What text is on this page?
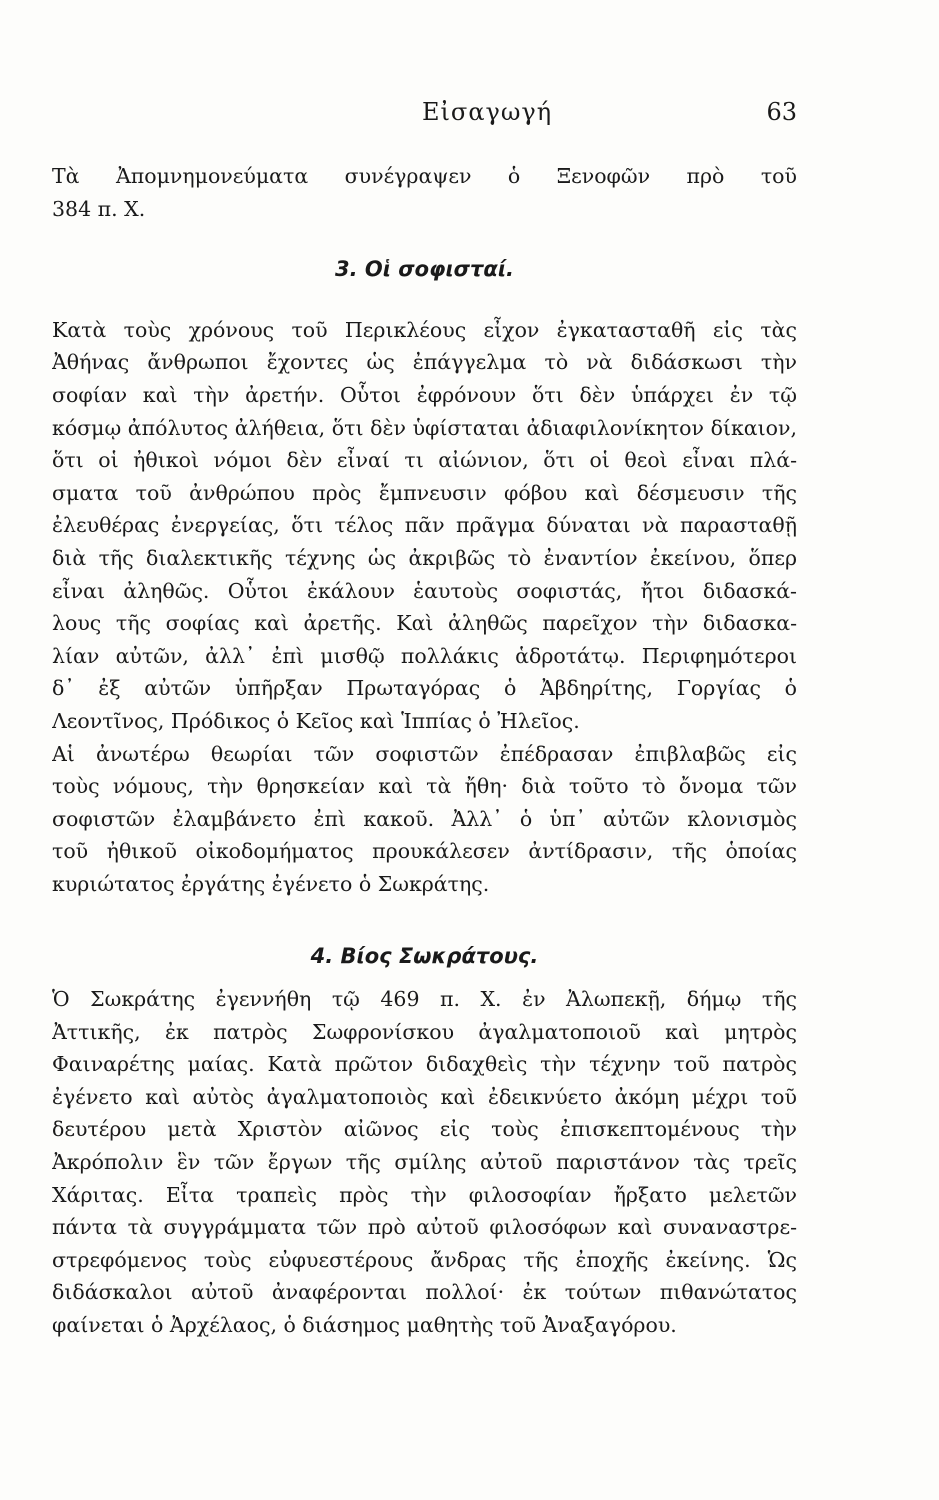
Εἰσαγωγή	63
Τὰ Ἀπομνημονεύματα συνέγραψεν ὁ Ξενοφῶν πρὸ τοῦ
384 π. Χ.
3. Οἱ σοφισταί.
Κατὰ τοὺς χρόνους τοῦ Περικλέους εἶχον ἐγκατασταθῆ εἰς τὰς
Ἀθήνας ἄνθρωποι ἔχοντες ὡς ἐπάγγελμα τὸ νὰ διδάσκωσι τὴν
σοφίαν καὶ τὴν ἀρετήν. Οὗτοι ἐφρόνουν ὅτι δὲν ὑπάρχει ἐν τῷ
κόσμῳ ἀπόλυτος ἀλήθεια, ὅτι δὲν ὑφίσταται ἀδιαφιλονίκητον δίκαιον,
ὅτι οἱ ἠθικοὶ νόμοι δὲν εἶναί τι αἰώνιον, ὅτι οἱ θεοὶ εἶναι πλά-
σματα τοῦ ἀνθρώπου πρὸς ἔμπνευσιν φόβου καὶ δέσμευσιν τῆς
ἐλευθέρας ἐνεργείας, ὅτι τέλος πᾶν πρᾶγμα δύναται νὰ παρασταθῇ
διὰ τῆς διαλεκτικῆς τέχνης ὡς ἀκριβῶς τὸ ἐναντίον ἐκείνου, ὅπερ
εἶναι ἀληθῶς. Οὗτοι ἐκάλουν ἑαυτοὺς σοφιστάς, ἤτοι διδασκά-
λους τῆς σοφίας καὶ ἀρετῆς. Καὶ ἀληθῶς παρεῖχον τὴν διδασκα-
λίαν αὐτῶν, ἀλλ᾽ ἐπὶ μισθῷ πολλάκις ἁδροτάτῳ. Περιφημότεροι
δ᾽ ἐξ αὐτῶν ὑπῆρξαν Πρωταγόρας ὁ Ἀβδηρίτης, Γοργίας ὁ
Λεοντῖνος, Πρόδικος ὁ Κεῖος καὶ Ἱππίας ὁ Ἠλεῖος.
Αἱ ἀνωτέρω θεωρίαι τῶν σοφιστῶν ἐπέδρασαν ἐπιβλαβῶς εἰς
τοὺς νόμους, τὴν θρησκείαν καὶ τὰ ἤθη· διὰ τοῦτο τὸ ὄνομα τῶν
σοφιστῶν ἐλαμβάνετο ἐπὶ κακοῦ. Ἀλλ᾽ ὁ ὑπ᾽ αὐτῶν κλονισμὸς
τοῦ ἠθικοῦ οἰκοδομήματος προυκάλεσεν ἀντίδρασιν, τῆς ὁποίας
κυριώτατος ἐργάτης ἐγένετο ὁ Σωκράτης.
4. Βίος Σωκράτους.
Ὁ Σωκράτης ἐγεννήθη τῷ 469 π. Χ. ἐν Ἀλωπεκῇ, δήμῳ τῆς
Ἀττικῆς, ἐκ πατρὸς Σωφρονίσκου ἀγαλματοποιοῦ καὶ μητρὸς
Φαιναρέτης μαίας. Κατὰ πρῶτον διδαχθεὶς τὴν τέχνην τοῦ πατρὸς
ἐγένετο καὶ αὐτὸς ἀγαλματοποιὸς καὶ ἐδεικνύετο ἀκόμη μέχρι τοῦ
δευτέρου μετὰ Χριστὸν αἰῶνος εἰς τοὺς ἐπισκεπτομένους τὴν
Ἀκρόπολιν ἓν τῶν ἔργων τῆς σμίλης αὐτοῦ παριστάνον τὰς τρεῖς
Χάριτας. Εἶτα τραπεὶς πρὸς τὴν φιλοσοφίαν ἤρξατο μελετῶν
πάντα τὰ συγγράμματα τῶν πρὸ αὐτοῦ φιλοσόφων καὶ συναναστρε-
στρεφόμενος τοὺς εὐφυεστέρους ἄνδρας τῆς ἐποχῆς ἐκείνης. Ὡς
διδάσκαλοι αὐτοῦ ἀναφέρονται πολλοί· ἐκ τούτων πιθανώτατος
φαίνεται ὁ Ἀρχέλαος, ὁ διάσημος μαθητὴς τοῦ Ἀναξαγόρου.
